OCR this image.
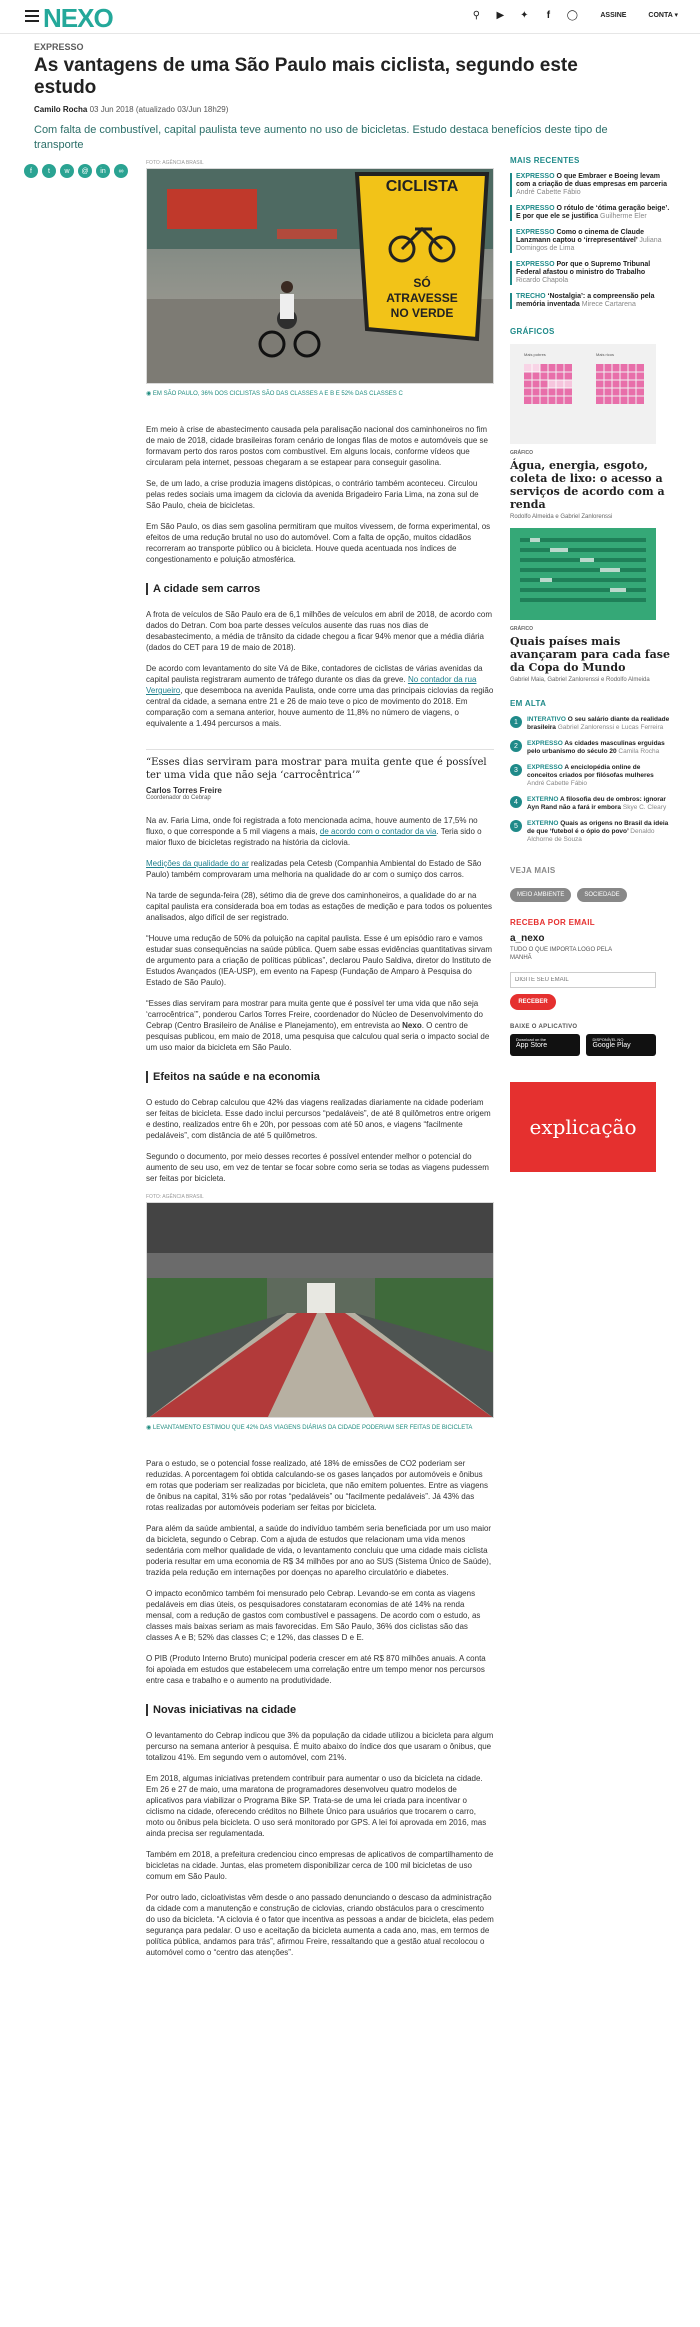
NEXO	⚲ ▶ ✦	f	◯	ASSINE	CONTA ▾
EXPRESSO
As vantagens de uma São Paulo mais ciclista, segundo este estudo
Camilo Rocha 03 Jun 2018 (atualizado 03/Jun 18h29)

Com falta de combustível, capital paulista teve aumento no uso de bicicletas. Estudo destaca benefícios deste tipo de transporte

f	t	w	@	in	∞
FOTO: AGÊNCIA BRASIL
CICLISTA
SÓ
ATRAVESSE
NO VERDE
◉ EM SÃO PAULO, 36% DOS CICLISTAS SÃO DAS CLASSES A E B E 52% DAS CLASSES C

Em meio à crise de abastecimento causada pela paralisação nacional dos caminhoneiros no fim de maio de 2018, cidade brasileiras foram cenário de longas filas de motos e automóveis que se formavam perto dos raros postos com combustível. Em alguns locais, conforme vídeos que circularam pela internet, pessoas chegaram a se estapear para conseguir gasolina.

Se, de um lado, a crise produzia imagens distópicas, o contrário também aconteceu. Circulou pelas redes sociais uma imagem da ciclovia da avenida Brigadeiro Faria Lima, na zona sul de São Paulo, cheia de bicicletas.

Em São Paulo, os dias sem gasolina permitiram que muitos vivessem, de forma experimental, os efeitos de uma redução brutal no uso do automóvel. Com a falta de opção, muitos cidadãos recorreram ao transporte público ou à bicicleta. Houve queda acentuada nos índices de congestionamento e poluição atmosférica.

A cidade sem carros

A frota de veículos de São Paulo era de 6,1 milhões de veículos em abril de 2018, de acordo com dados do Detran. Com boa parte desses veículos ausente das ruas nos dias de desabastecimento, a média de trânsito da cidade chegou a ficar 94% menor que a média diária (dados do CET para 19 de maio de 2018).

De acordo com levantamento do site Vá de Bike, contadores de ciclistas de várias avenidas da capital paulista registraram aumento de tráfego durante os dias da greve. No contador da rua Vergueiro, que desemboca na avenida Paulista, onde corre uma das principais ciclovias da região central da cidade, a semana entre 21 e 26 de maio teve o pico de movimento do 2018. Em comparação com a semana anterior, houve aumento de 11,8% no número de viagens, o equivalente a 1.494 percursos a mais.

“Esses dias serviram para mostrar para muita gente que é possível ter uma vida que não seja ‘carrocêntrica’”
Carlos Torres Freire
Coordenador do Cebrap

Na av. Faria Lima, onde foi registrada a foto mencionada acima, houve aumento de 17,5% no fluxo, o que corresponde a 5 mil viagens a mais, de acordo com o contador da via. Teria sido o maior fluxo de bicicletas registrado na história da ciclovia.

Medições da qualidade do ar realizadas pela Cetesb (Companhia Ambiental do Estado de São Paulo) também comprovaram uma melhoria na qualidade do ar com o sumiço dos carros.

Na tarde de segunda-feira (28), sétimo dia de greve dos caminhoneiros, a qualidade do ar na capital paulista era considerada boa em todas as estações de medição e para todos os poluentes analisados, algo difícil de ser registrado.

“Houve uma redução de 50% da poluição na capital paulista. Esse é um episódio raro e vamos estudar suas consequências na saúde pública. Quem sabe essas evidências quantitativas sirvam de argumento para a criação de políticas públicas”, declarou Paulo Saldiva, diretor do Instituto de Estudos Avançados (IEA-USP), em evento na Fapesp (Fundação de Amparo à Pesquisa do Estado de São Paulo).

“Esses dias serviram para mostrar para muita gente que é possível ter uma vida que não seja ‘carrocêntrica’”, ponderou Carlos Torres Freire, coordenador do Núcleo de Desenvolvimento do Cebrap (Centro Brasileiro de Análise e Planejamento), em entrevista ao Nexo. O centro de pesquisas publicou, em maio de 2018, uma pesquisa que calculou qual seria o impacto social de um uso maior da bicicleta em São Paulo.

Efeitos na saúde e na economia

O estudo do Cebrap calculou que 42% das viagens realizadas diariamente na cidade poderiam ser feitas de bicicleta. Esse dado inclui percursos “pedaláveis”, de até 8 quilômetros entre origem e destino, realizados entre 6h e 20h, por pessoas com até 50 anos, e viagens “facilmente pedaláveis”, com distância de até 5 quilômetros.

Segundo o documento, por meio desses recortes é possível entender melhor o potencial do aumento de seu uso, em vez de tentar se focar sobre como seria se todas as viagens pudessem ser feitas por bicicleta.

FOTO: AGÊNCIA BRASIL
◉ LEVANTAMENTO ESTIMOU QUE 42% DAS VIAGENS DIÁRIAS DA CIDADE PODERIAM SER FEITAS DE BICICLETA

Para o estudo, se o potencial fosse realizado, até 18% de emissões de CO2 poderiam ser reduzidas. A porcentagem foi obtida calculando-se os gases lançados por automóveis e ônibus em rotas que poderiam ser realizadas por bicicleta, que não emitem poluentes. Entre as viagens de ônibus na capital, 31% são por rotas “pedaláveis” ou “facilmente pedaláveis”. Já 43% das rotas realizadas por automóveis poderiam ser feitas por bicicleta.

Para além da saúde ambiental, a saúde do indivíduo também seria beneficiada por um uso maior da bicicleta, segundo o Cebrap. Com a ajuda de estudos que relacionam uma vida menos sedentária com melhor qualidade de vida, o levantamento concluiu que uma cidade mais ciclista poderia resultar em uma economia de R$ 34 milhões por ano ao SUS (Sistema Único de Saúde), trazida pela redução em internações por doenças no aparelho circulatório e diabetes.

O impacto econômico também foi mensurado pelo Cebrap. Levando-se em conta as viagens pedaláveis em dias úteis, os pesquisadores constataram economias de até 14% na renda mensal, com a redução de gastos com combustível e passagens. De acordo com o estudo, as classes mais baixas seriam as mais favorecidas. Em São Paulo, 36% dos ciclistas são das classes A e B; 52% das classes C; e 12%, das classes D e E.

O PIB (Produto Interno Bruto) municipal poderia crescer em até R$ 870 milhões anuais. A conta foi apoiada em estudos que estabelecem uma correlação entre um tempo menor nos percursos entre casa e trabalho e o aumento na produtividade.

Novas iniciativas na cidade

O levantamento do Cebrap indicou que 3% da população da cidade utilizou a bicicleta para algum percurso na semana anterior à pesquisa. É muito abaixo do índice dos que usaram o ônibus, que totalizou 41%. Em segundo vem o automóvel, com 21%.

Em 2018, algumas iniciativas pretendem contribuir para aumentar o uso da bicicleta na cidade. Em 26 e 27 de maio, uma maratona de programadores desenvolveu quatro modelos de aplicativos para viabilizar o Programa Bike SP. Trata-se de uma lei criada para incentivar o ciclismo na cidade, oferecendo créditos no Bilhete Único para usuários que trocarem o carro, moto ou ônibus pela bicicleta. O uso será monitorado por GPS. A lei foi aprovada em 2016, mas ainda precisa ser regulamentada.

Também em 2018, a prefeitura credenciou cinco empresas de aplicativos de compartilhamento de bicicletas na cidade. Juntas, elas prometem disponibilizar cerca de 100 mil bicicletas de uso comum em São Paulo.

Por outro lado, cicloativistas vêm desde o ano passado denunciando o descaso da administração da cidade com a manutenção e construção de ciclovias, criando obstáculos para o crescimento do uso da bicicleta. “A ciclovia é o fator que incentiva as pessoas a andar de bicicleta, elas pedem segurança para pedalar. O uso e aceitação da bicicleta aumenta a cada ano, mas, em termos de política pública, andamos para trás”, afirmou Freire, ressaltando que a gestão atual recolocou o automóvel como o “centro das atenções”.

MAIS RECENTES
EXPRESSO O que Embraer e Boeing levam com a criação de duas empresas em parceria André Cabette Fábio
EXPRESSO O rótulo de ‘ótima geração beige’. E por que ele se justifica Guilherme Eler
EXPRESSO Como o cinema de Claude Lanzmann captou o ‘irrepresentável’ Juliana Domingos de Lima
EXPRESSO Por que o Supremo Tribunal Federal afastou o ministro do Trabalho Ricardo Chapola
TRECHO ‘Nostalgia’: a compreensão pela memória inventada Mirece Cartarena
GRÁFICOS
Mais pobres	Mais ricos
GRÁFICO
Água, energia, esgoto, coleta de lixo: o acesso a serviços de acordo com a renda
Rodolfo Almeida e Gabriel Zanlorenssi
GRÁFICO
Quais países mais avançaram para cada fase da Copa do Mundo
Gabriel Maia, Gabriel Zanlorenssi e Rodolfo Almeida
EM ALTA
1	INTERATIVO O seu salário diante da realidade brasileira Gabriel Zanlorenssi e Lucas Ferreira
2	EXPRESSO As cidades masculinas erguidas pelo urbanismo do século 20 Camila Rocha
3	EXPRESSO A enciclopédia online de conceitos criados por filósofas mulheres André Cabette Fábio
4	EXTERNO A filosofia deu de ombros: ignorar Ayn Rand não a fará ir embora Skye C. Cleary
5	EXTERNO Quais as origens no Brasil da ideia de que ‘futebol é o ópio do povo’ Denaldo Alchorne de Souza
VEJA MAIS
MEIO AMBIENTE	SOCIEDADE
RECEBA POR EMAIL
a_nexo
TUDO O QUE IMPORTA LOGO PELA MANHÃ
DIGITE SEU EMAIL
RECEBER
BAIXE O APLICATIVO
Download on the
App Store
DISPONÍVEL NO
Google Play
explicação
